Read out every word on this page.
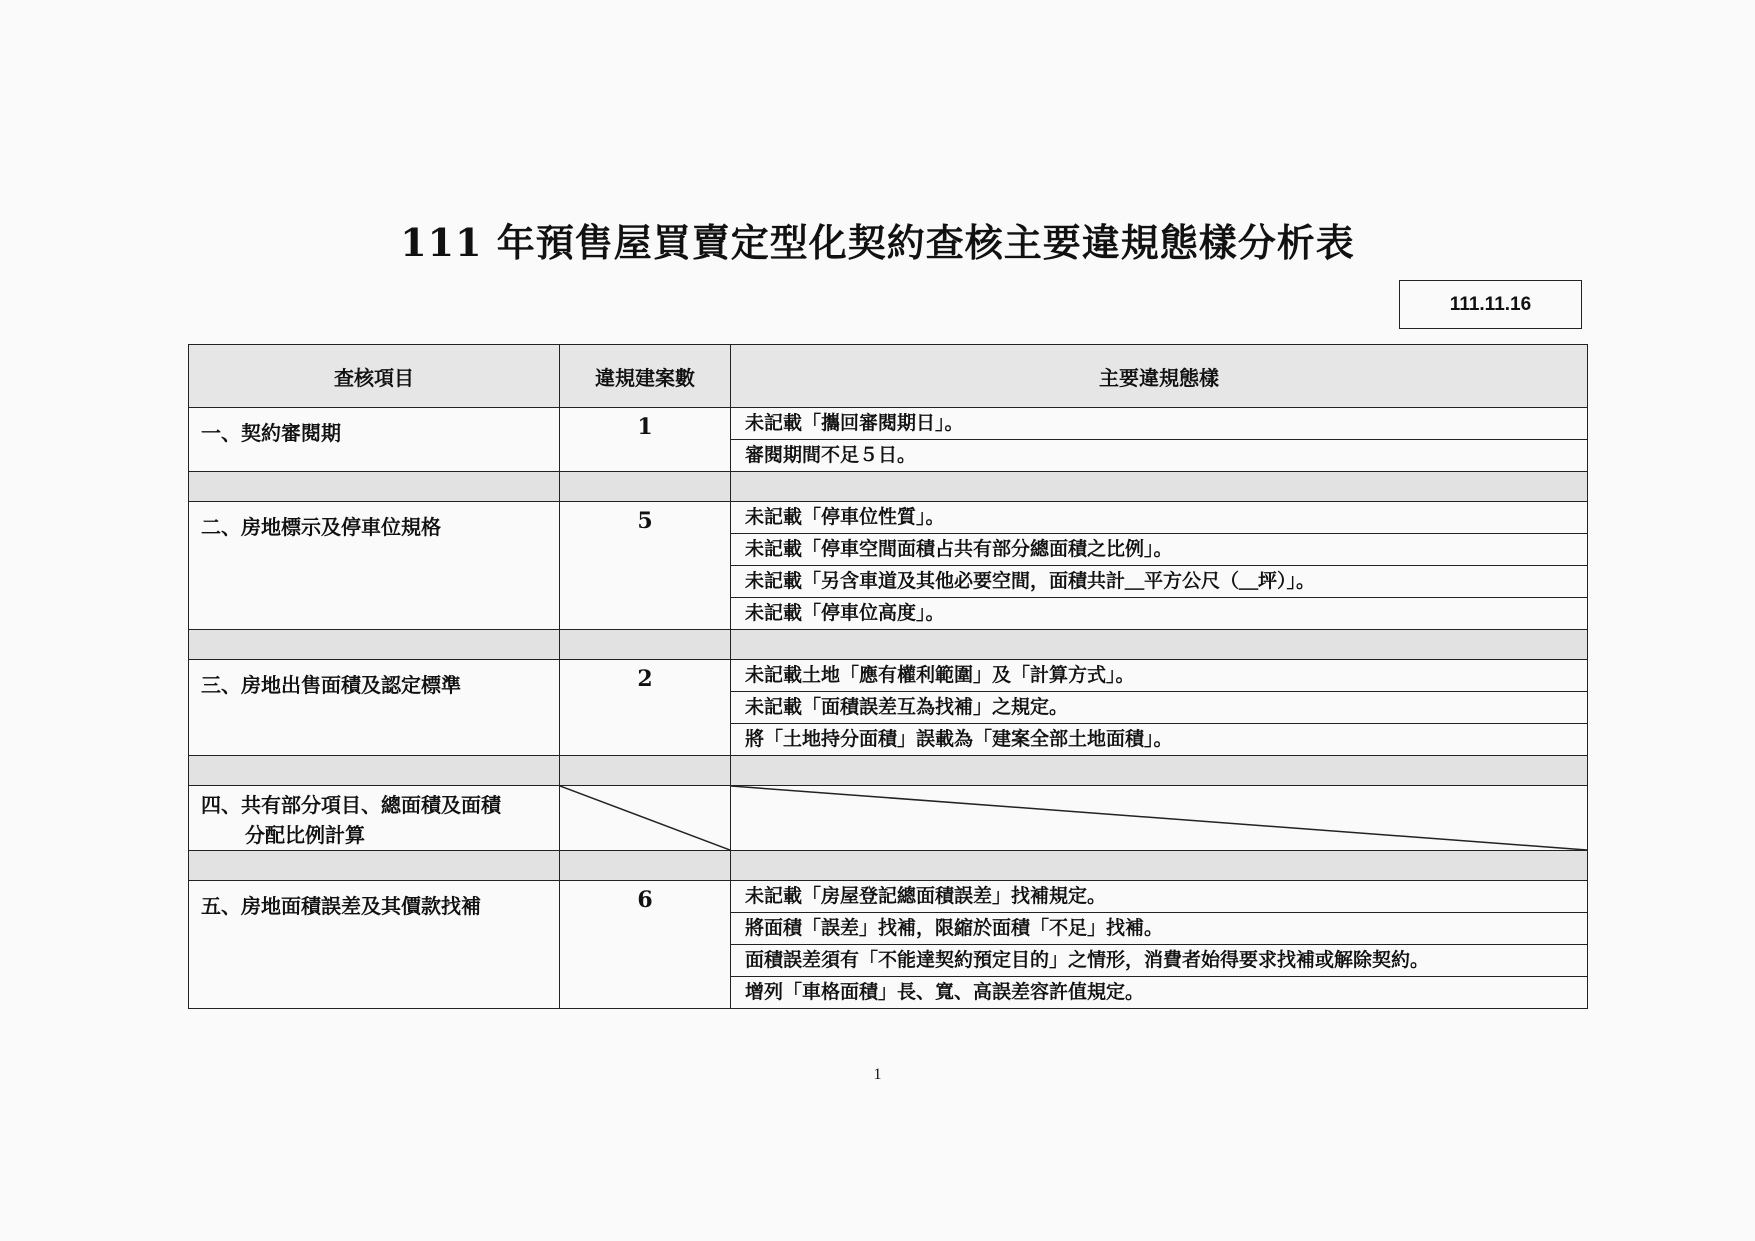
111 年預售屋買賣定型化契約查核主要違規態樣分析表
111.11.16
查核項目	違規建案數	主要違規態樣
一、契約審閱期	1	未記載「攜回審閱期日」。
審閱期間不足５日。

二、房地標示及停車位規格	5	未記載「停車位性質」。
未記載「停車空間面積占共有部分總面積之比例」。
未記載「另含車道及其他必要空間，面積共計＿平方公尺（＿坪）」。
未記載「停車位高度」。

三、房地出售面積及認定標準	2	未記載土地「應有權利範圍」及「計算方式」。
未記載「面積誤差互為找補」之規定。
將「土地持分面積」誤載為「建案全部土地面積」。

四、共有部分項目、總面積及面積
分配比例計算

五、房地面積誤差及其價款找補	6	未記載「房屋登記總面積誤差」找補規定。
將面積「誤差」找補，限縮於面積「不足」找補。
面積誤差須有「不能達契約預定目的」之情形，消費者始得要求找補或解除契約。
增列「車格面積」長、寬、高誤差容許值規定。
1
